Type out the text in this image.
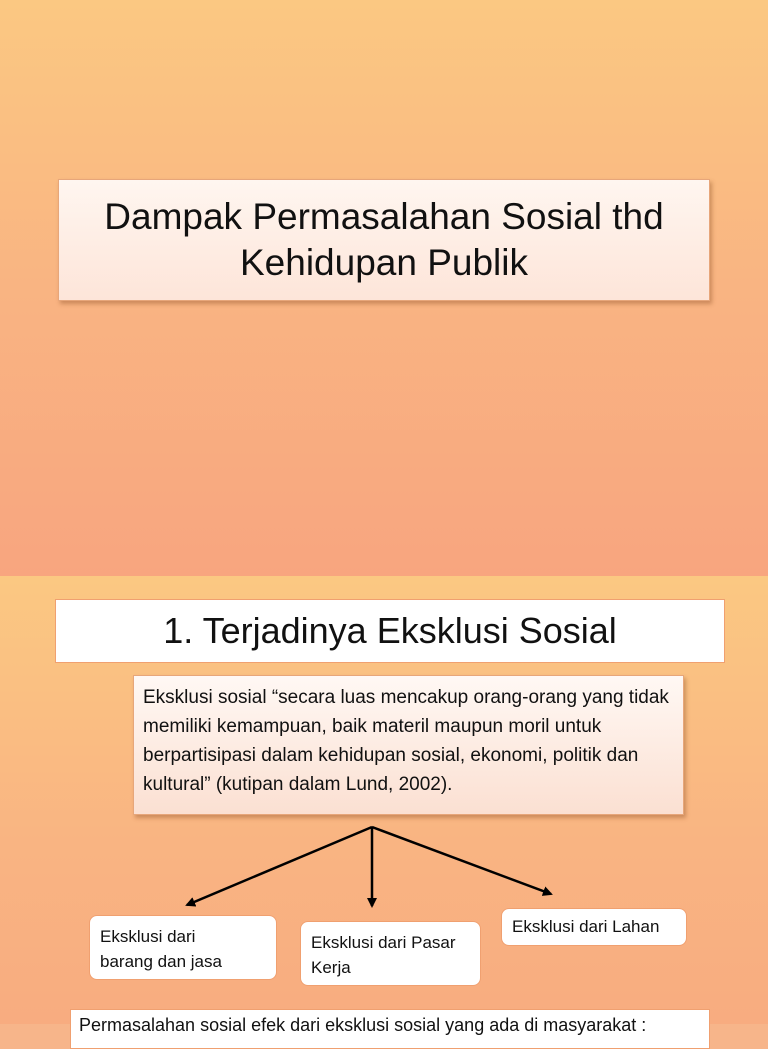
Dampak Permasalahan Sosial thd
Kehidupan Publik
1. Terjadinya Eksklusi Sosial
Eksklusi sosial “secara luas mencakup orang-orang yang tidak memiliki kemampuan, baik materil maupun moril untuk berpartisipasi dalam kehidupan sosial, ekonomi, politik dan kultural” (kutipan dalam Lund, 2002).
Eksklusi dari
barang dan jasa
Eksklusi dari Pasar
Kerja
Eksklusi dari Lahan
Permasalahan sosial efek dari eksklusi sosial yang ada di masyarakat :
